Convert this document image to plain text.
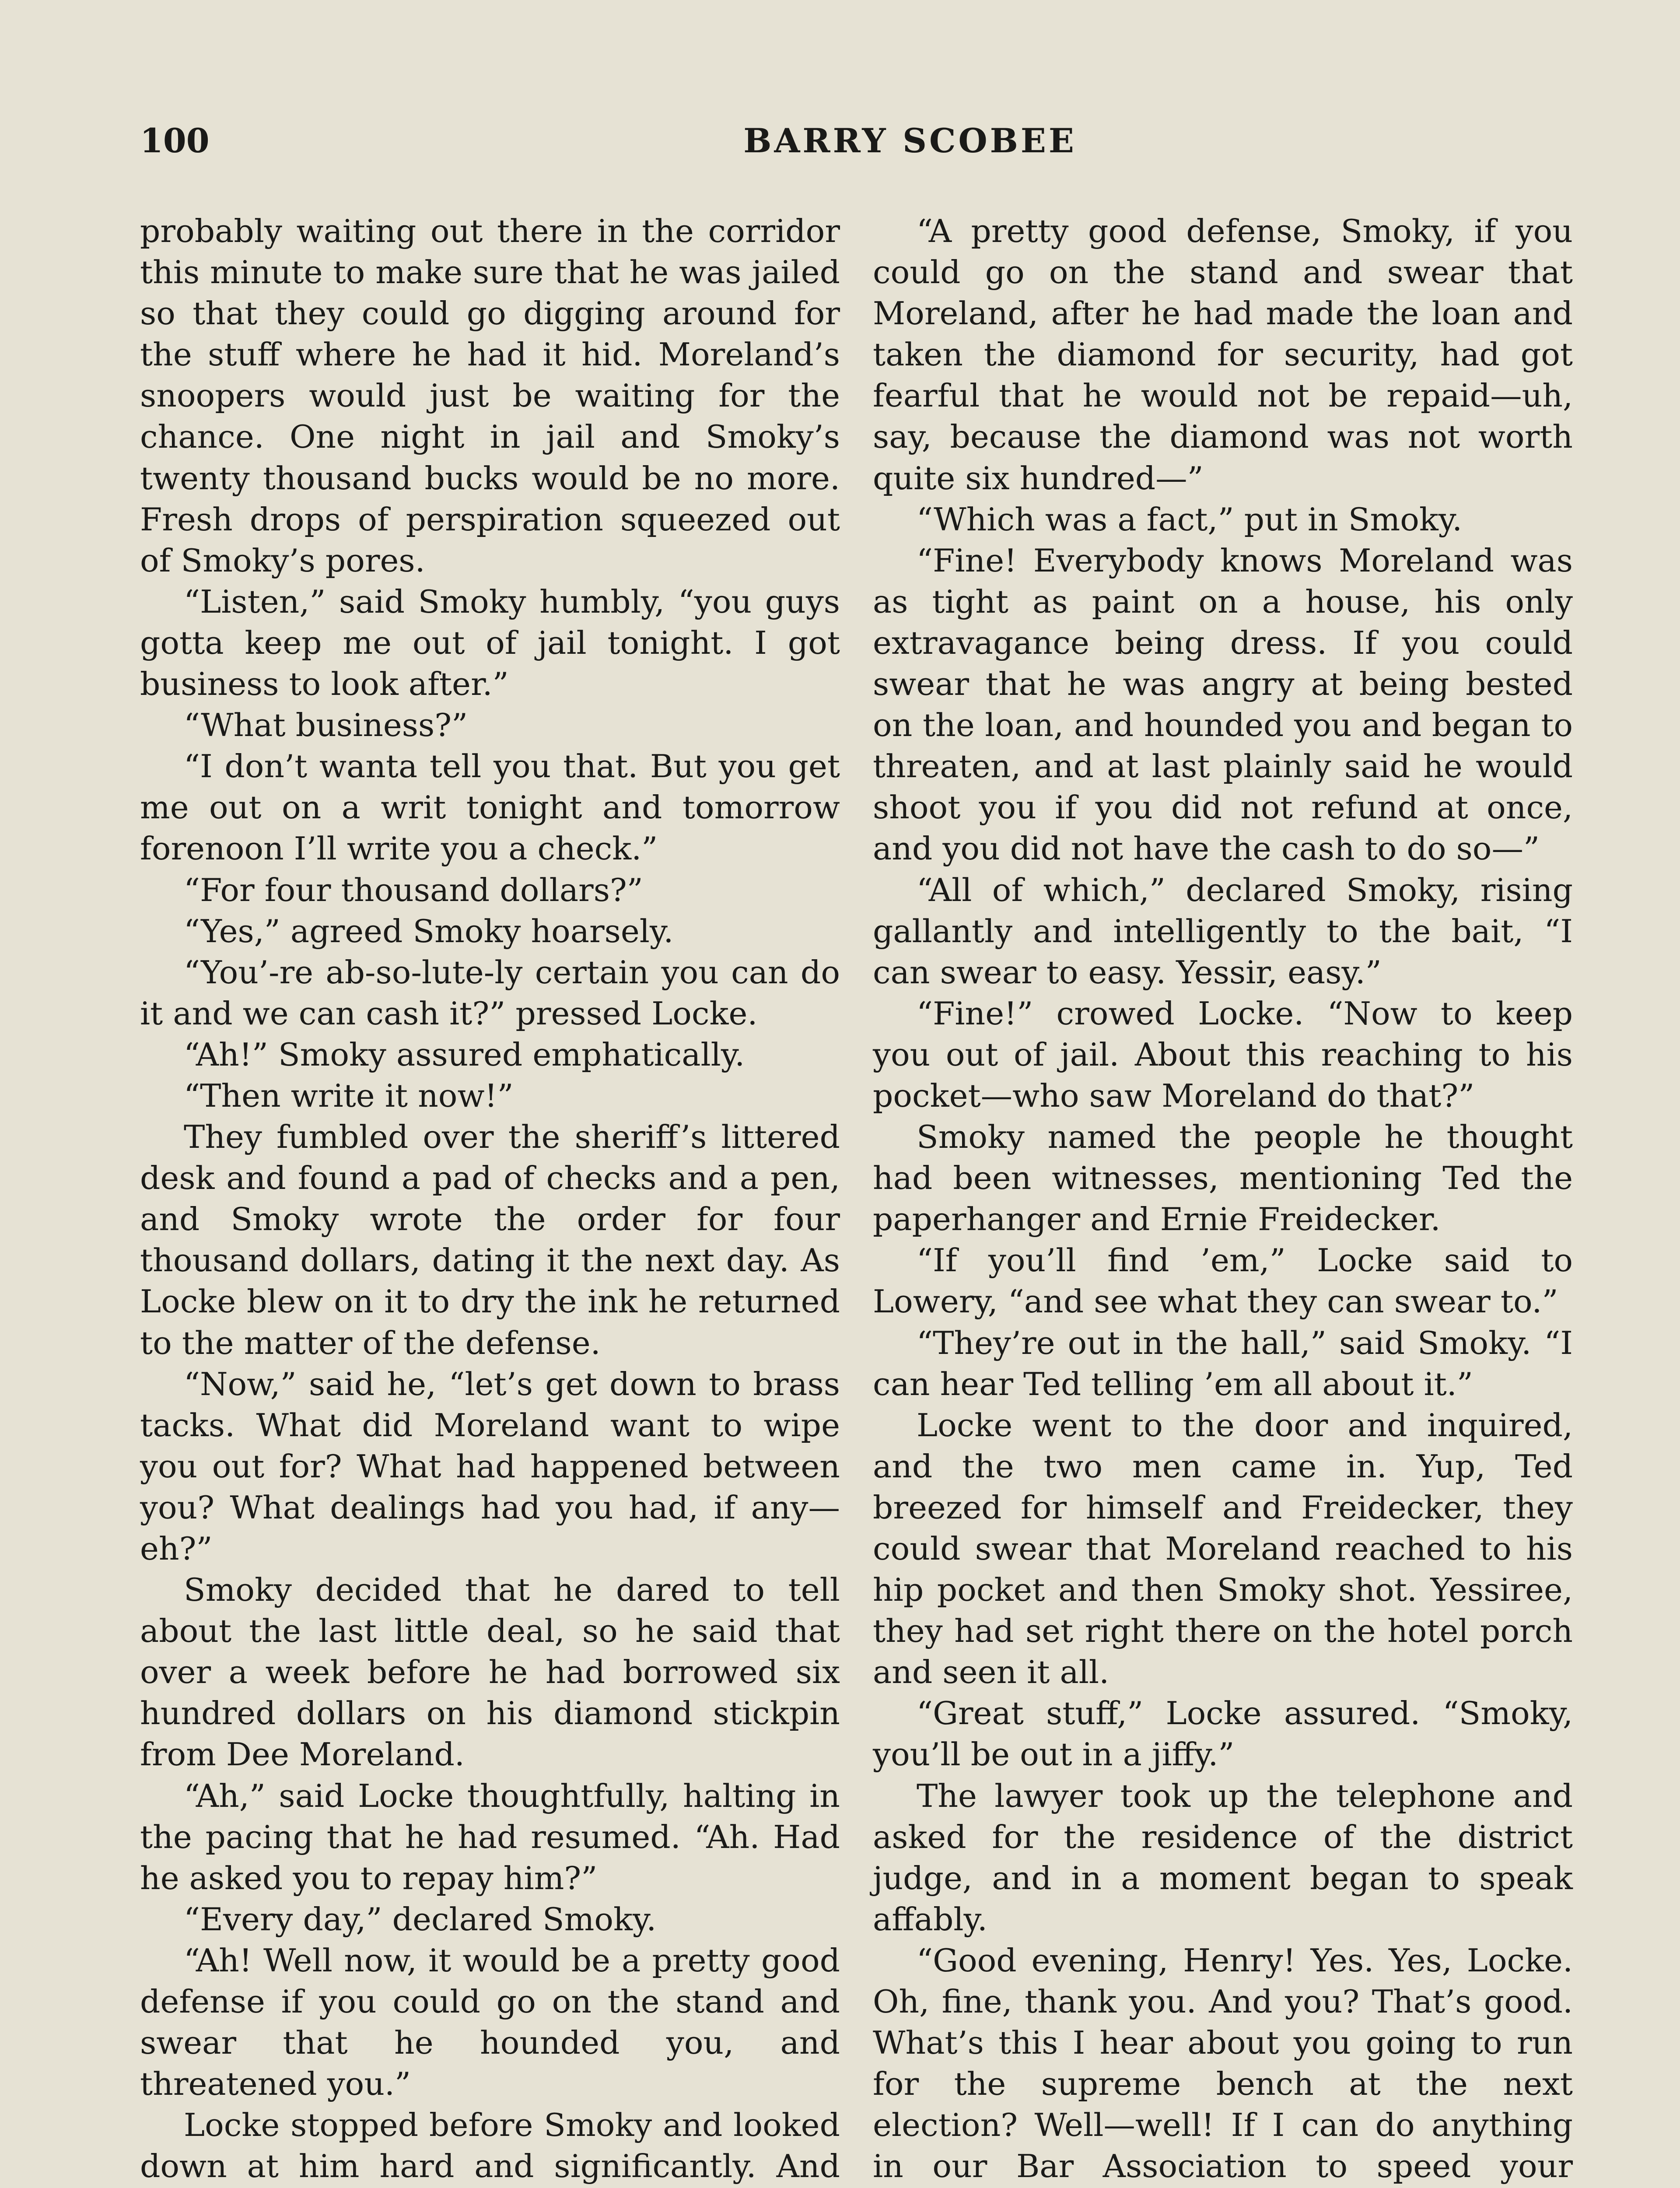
100	BARRY SCOBEE

probably waiting out there in the corridor this minute to make sure that he was jailed so that they could go digging around for the stuff where he had it hid. Moreland’s snoopers would just be waiting for the chance. One night in jail and Smoky’s twenty thousand bucks would be no more. Fresh drops of perspiration squeezed out of Smoky’s pores.

“Listen,” said Smoky humbly, “you guys gotta keep me out of jail tonight. I got business to look after.”

“What business?”

“I don’t wanta tell you that. But you get me out on a writ tonight and tomorrow forenoon I’ll write you a check.”

“For four thousand dollars?”

“Yes,” agreed Smoky hoarsely.

“You’-re ab-so-lute-ly certain you can do it and we can cash it?” pressed Locke.

“Ah!” Smoky assured emphatically.

“Then write it now!”

They fumbled over the sheriff’s littered desk and found a pad of checks and a pen, and Smoky wrote the order for four thousand dollars, dating it the next day. As Locke blew on it to dry the ink he returned to the matter of the defense.

“Now,” said he, “let’s get down to brass tacks. What did Moreland want to wipe you out for? What had happened between you? What dealings had you had, if any—eh?”

Smoky decided that he dared to tell about the last little deal, so he said that over a week before he had borrowed six hundred dollars on his diamond stickpin from Dee Moreland.

“Ah,” said Locke thoughtfully, halting in the pacing that he had resumed. “Ah. Had he asked you to repay him?”

“Every day,” declared Smoky.

“Ah! Well now, it would be a pretty good defense if you could go on the stand and swear that he hounded you, and threatened you.”

Locke stopped before Smoky and looked down at him hard and significantly. And

“A pretty good defense, Smoky, if you could go on the stand and swear that Moreland, after he had made the loan and taken the diamond for security, had got fearful that he would not be repaid—uh, say, because the diamond was not worth quite six hundred—”

“Which was a fact,” put in Smoky.

“Fine! Everybody knows Moreland was as tight as paint on a house, his only extravagance being dress. If you could swear that he was angry at being bested on the loan, and hounded you and began to threaten, and at last plainly said he would shoot you if you did not refund at once, and you did not have the cash to do so—”

“All of which,” declared Smoky, rising gallantly and intelligently to the bait, “I can swear to easy. Yessir, easy.”

“Fine!” crowed Locke. “Now to keep you out of jail. About this reaching to his pocket—who saw Moreland do that?”

Smoky named the people he thought had been witnesses, mentioning Ted the paperhanger and Ernie Freidecker.

“If you’ll find ’em,” Locke said to Lowery, “and see what they can swear to.”

“They’re out in the hall,” said Smoky. “I can hear Ted telling ’em all about it.”

Locke went to the door and inquired, and the two men came in. Yup, Ted breezed for himself and Freidecker, they could swear that Moreland reached to his hip pocket and then Smoky shot. Yessiree, they had set right there on the hotel porch and seen it all.

“Great stuff,” Locke assured. “Smoky, you’ll be out in a jiffy.”

The lawyer took up the telephone and asked for the residence of the district judge, and in a moment began to speak affably.

“Good evening, Henry! Yes. Yes, Locke. Oh, fine, thank you. And you? That’s good. What’s this I hear about you going to run for the supreme bench at the next election? Well—well! If I can do anything in our Bar Association to speed your
